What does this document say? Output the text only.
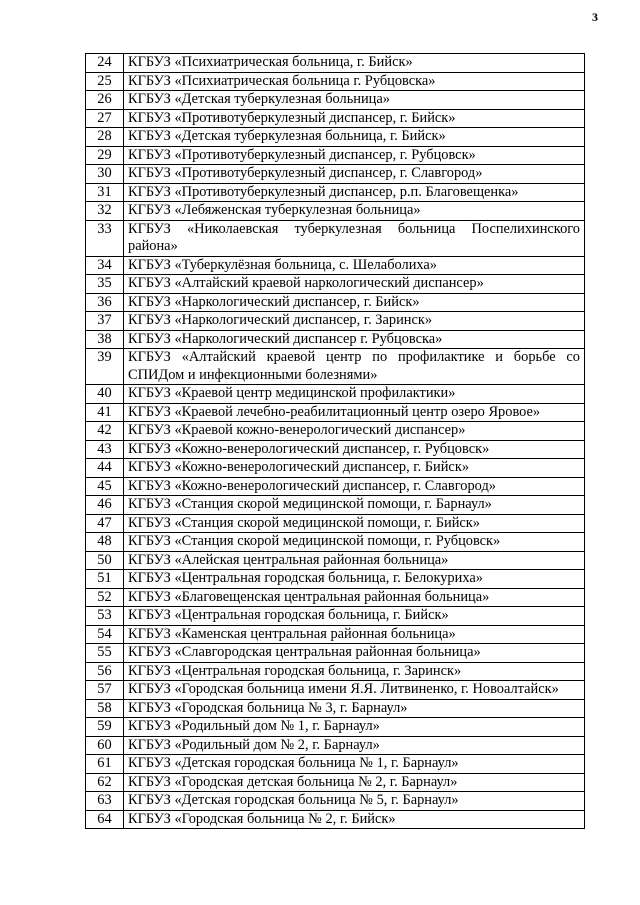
3
24	КГБУЗ «Психиатрическая больница, г. Бийск»
25	КГБУЗ «Психиатрическая больница г. Рубцовска»
26	КГБУЗ «Детская туберкулезная больница»
27	КГБУЗ «Противотуберкулезный диспансер, г. Бийск»
28	КГБУЗ «Детская туберкулезная больница, г. Бийск»
29	КГБУЗ «Противотуберкулезный диспансер, г. Рубцовск»
30	КГБУЗ «Противотуберкулезный диспансер, г. Славгород»
31	КГБУЗ «Противотуберкулезный диспансер, р.п. Благовещенка»
32	КГБУЗ «Лебяженская туберкулезная больница»
33	КГБУЗ «Николаевская туберкулезная больница Поспелихинского района»
34	КГБУЗ «Туберкулёзная больница, с. Шелаболиха»
35	КГБУЗ «Алтайский краевой наркологический диспансер»
36	КГБУЗ «Наркологический диспансер, г. Бийск»
37	КГБУЗ «Наркологический диспансер, г. Заринск»
38	КГБУЗ «Наркологический диспансер г. Рубцовска»
39	КГБУЗ «Алтайский краевой центр по профилактике и борьбе со СПИДом и инфекционными болезнями»
40	КГБУЗ «Краевой центр медицинской профилактики»
41	КГБУЗ «Краевой лечебно-реабилитационный центр озеро Яровое»
42	КГБУЗ «Краевой кожно-венерологический диспансер»
43	КГБУЗ «Кожно-венерологический диспансер, г. Рубцовск»
44	КГБУЗ «Кожно-венерологический диспансер, г. Бийск»
45	КГБУЗ «Кожно-венерологический диспансер, г. Славгород»
46	КГБУЗ «Станция скорой медицинской помощи, г. Барнаул»
47	КГБУЗ «Станция скорой медицинской помощи, г. Бийск»
48	КГБУЗ «Станция скорой медицинской помощи, г. Рубцовск»
50	КГБУЗ «Алейская центральная районная больница»
51	КГБУЗ «Центральная городская больница, г. Белокуриха»
52	КГБУЗ «Благовещенская центральная районная больница»
53	КГБУЗ «Центральная городская больница, г. Бийск»
54	КГБУЗ «Каменская центральная районная больница»
55	КГБУЗ «Славгородская центральная районная больница»
56	КГБУЗ «Центральная городская больница, г. Заринск»
57	КГБУЗ «Городская больница имени Я.Я. Литвиненко, г. Новоалтайск»
58	КГБУЗ «Городская больница № 3, г. Барнаул»
59	КГБУЗ «Родильный дом № 1, г. Барнаул»
60	КГБУЗ «Родильный дом № 2, г. Барнаул»
61	КГБУЗ «Детская городская больница № 1, г. Барнаул»
62	КГБУЗ «Городская детская больница № 2, г. Барнаул»
63	КГБУЗ «Детская городская больница № 5, г. Барнаул»
64	КГБУЗ «Городская больница № 2, г. Бийск»
